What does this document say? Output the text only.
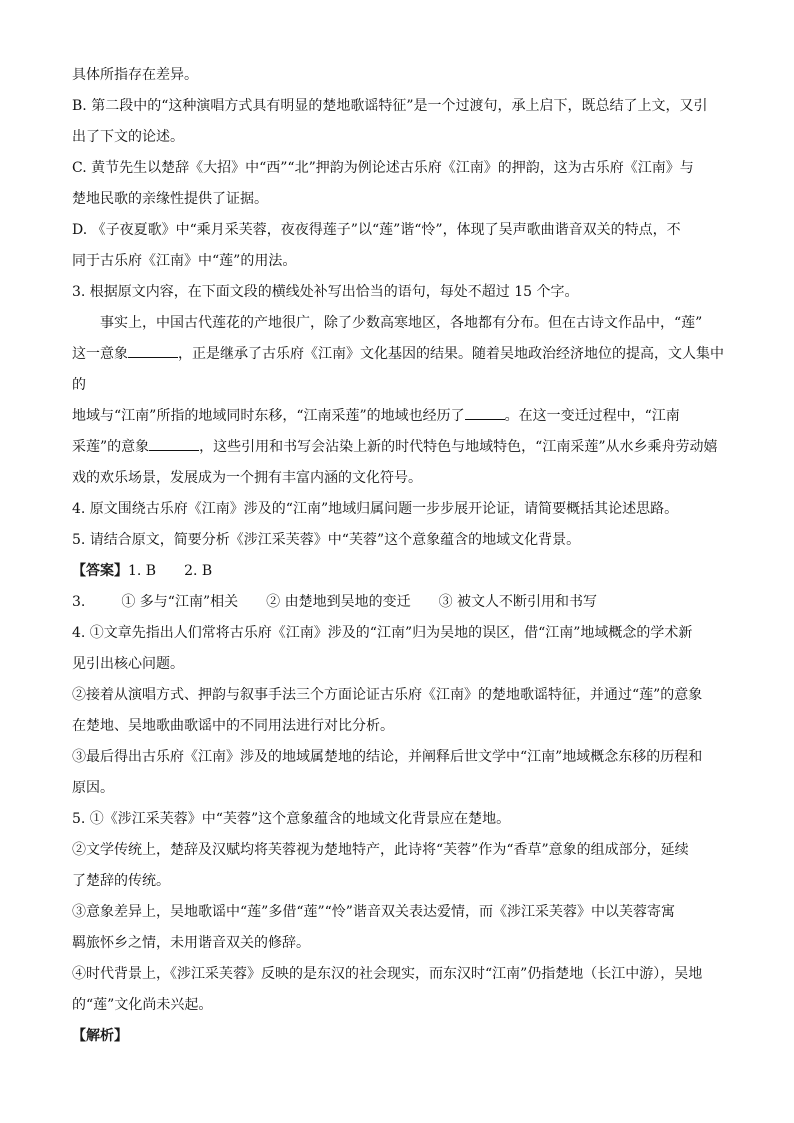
具体所指存在差异。

B. 第二段中的“这种演唱方式具有明显的楚地歌谣特征”是一个过渡句，承上启下，既总结了上文，又引

出了下文的论述。

C. 黄节先生以楚辞《大招》中“西”“北”押韵为例论述古乐府《江南》的押韵，这为古乐府《江南》与

楚地民歌的亲缘性提供了证据。

D. 《子夜夏歌》中“乘月采芙蓉，夜夜得莲子”以“莲”谐“怜”，体现了吴声歌曲谐音双关的特点，不

同于古乐府《江南》中“莲”的用法。

3. 根据原文内容，在下面文段的横线处补写出恰当的语句，每处不超过 15 个字。

事实上，中国古代莲花的产地很广，除了少数高寒地区，各地都有分布。但在古诗文作品中，“莲”

这一意象	，正是继承了古乐府《江南》文化基因的结果。随着吴地政治经济地位的提高，文人集中的

地域与“江南”所指的地域同时东移，“江南采莲”的地域也经历了	。在这一变迁过程中，“江南

采莲”的意象	，这些引用和书写会沾染上新的时代特色与地域特色，“江南采莲”从水乡乘舟劳动嬉

戏的欢乐场景，发展成为一个拥有丰富内涵的文化符号。

4. 原文围绕古乐府《江南》涉及的“江南”地域归属问题一步步展开论证，请简要概括其论述思路。

5. 请结合原文，简要分析《涉江采芙蓉》中“芙蓉”这个意象蕴含的地域文化背景。

【答案】1. B 2. B

3.	① 多与“江南”相关 ② 由楚地到吴地的变迁 ③ 被文人不断引用和书写

4. ①文章先指出人们常将古乐府《江南》涉及的“江南”归为吴地的误区，借“江南”地域概念的学术新

见引出核心问题。

②接着从演唱方式、押韵与叙事手法三个方面论证古乐府《江南》的楚地歌谣特征，并通过“莲”的意象

在楚地、吴地歌曲歌谣中的不同用法进行对比分析。

③最后得出古乐府《江南》涉及的地域属楚地的结论，并阐释后世文学中“江南”地域概念东移的历程和

原因。

5. ①《涉江采芙蓉》中“芙蓉”这个意象蕴含的地域文化背景应在楚地。

②文学传统上，楚辞及汉赋均将芙蓉视为楚地特产，此诗将“芙蓉”作为“香草”意象的组成部分，延续

了楚辞的传统。

③意象差异上，吴地歌谣中“莲”多借“莲”“怜”谐音双关表达爱情，而《涉江采芙蓉》中以芙蓉寄寓

羁旅怀乡之情，未用谐音双关的修辞。

④时代背景上，《涉江采芙蓉》反映的是东汉的社会现实，而东汉时“江南”仍指楚地（长江中游），吴地

的“莲”文化尚未兴起。

【解析】
